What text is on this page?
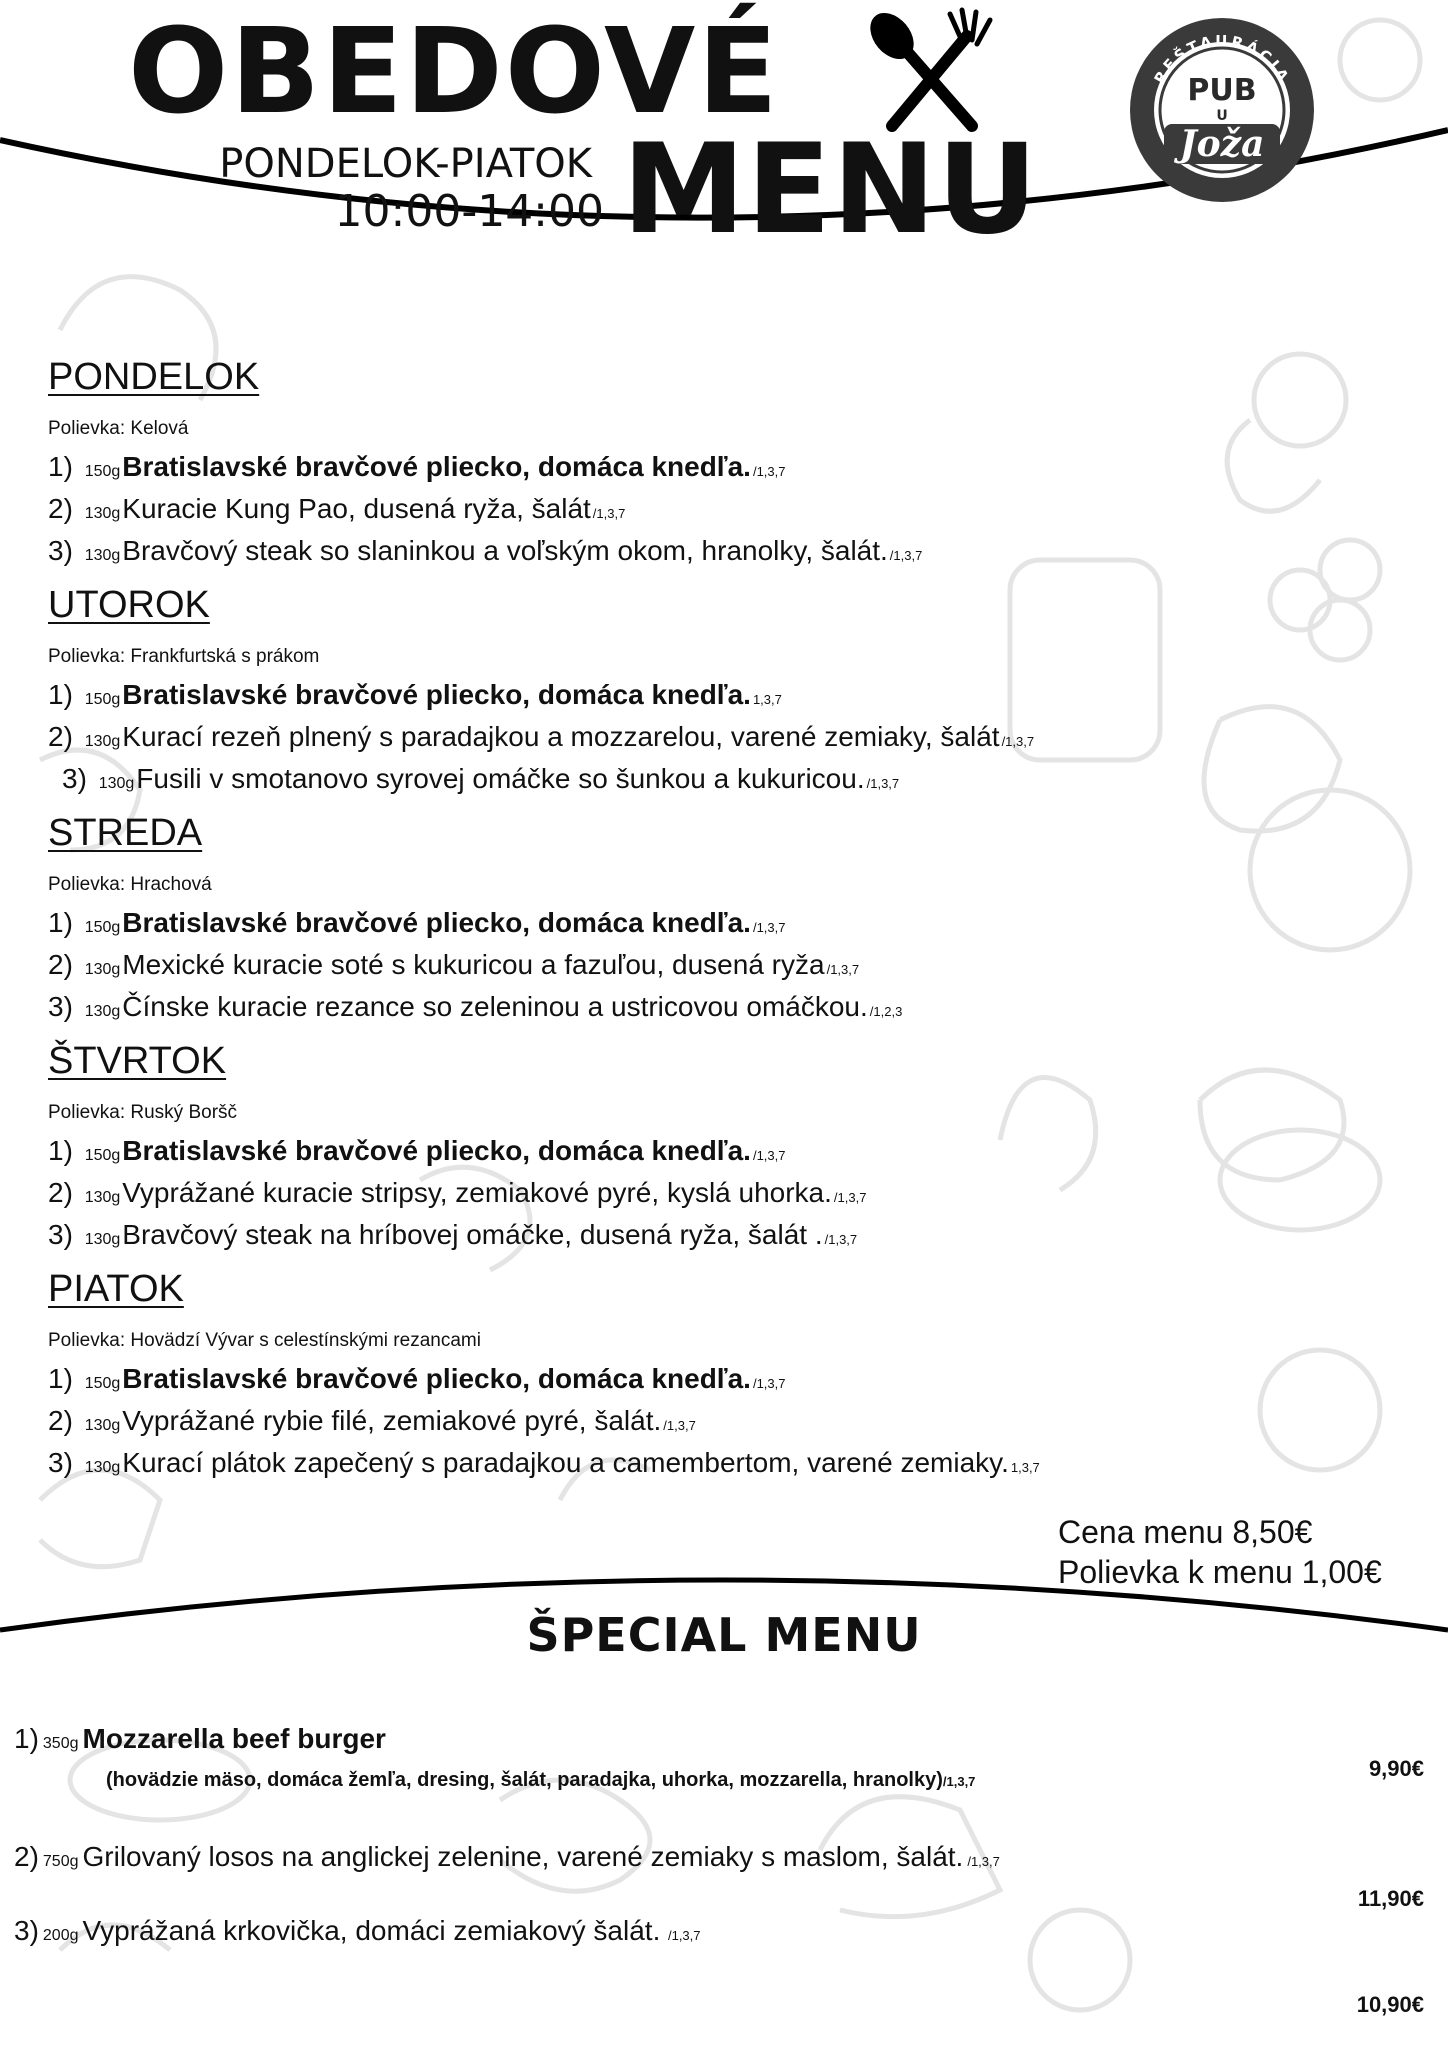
OBEDOVÉ
PONDELOK-PIATOK
10:00-14:00 MENU
REŠTAURÁCIA
PUB
U
Joža
PONDELOK
Polievka: Kelová
1) 150gBratislavské bravčové pliecko, domáca knedľa. /1,3,7
2) 130gKuracie Kung Pao, dusená ryža, šalát /1,3,7
3) 130gBravčový steak so slaninkou a voľským okom, hranolky, šalát. /1,3,7
UTOROK
Polievka: Frankfurtská s prákom
1) 150gBratislavské bravčové pliecko, domáca knedľa. 1,3,7
2) 130gKurací rezeň plnený s paradajkou a mozzarelou, varené zemiaky, šalát /1,3,7
3) 130gFusili v smotanovo syrovej omáčke so šunkou a kukuricou. /1,3,7
STREDA
Polievka: Hrachová
1) 150gBratislavské bravčové pliecko, domáca knedľa. /1,3,7
2) 130gMexické kuracie soté s kukuricou a fazuľou, dusená ryža /1,3,7
3) 130gČínske kuracie rezance so zeleninou a ustricovou omáčkou. /1,2,3
ŠTVRTOK
Polievka: Ruský Boršč
1) 150gBratislavské bravčové pliecko, domáca knedľa. /1,3,7
2) 130gVyprážané kuracie stripsy, zemiakové pyré, kyslá uhorka. /1,3,7
3) 130gBravčový steak na hríbovej omáčke, dusená ryža, šalát . /1,3,7
PIATOK
Polievka: Hovädzí Vývar s celestínskými rezancami
1) 150gBratislavské bravčové pliecko, domáca knedľa. /1,3,7
2) 130gVyprážané rybie filé, zemiakové pyré, šalát. /1,3,7
3) 130gKurací plátok zapečený s paradajkou a camembertom, varené zemiaky. 1,3,7
Cena menu 8,50€
Polievka k menu 1,00€
ŠPECIAL MENU
1) 350g Mozzarella beef burger
(hovädzie mäso, domáca žemľa, dresing, šalát, paradajka, uhorka, mozzarella, hranolky)/1,3,7
9,90€
2) 750g Grilovaný losos na anglickej zelenine, varené zemiaky s maslom, šalát. /1,3,7
11,90€
3) 200g Vyprážaná krkovička, domáci zemiakový šalát. /1,3,7
10,90€
